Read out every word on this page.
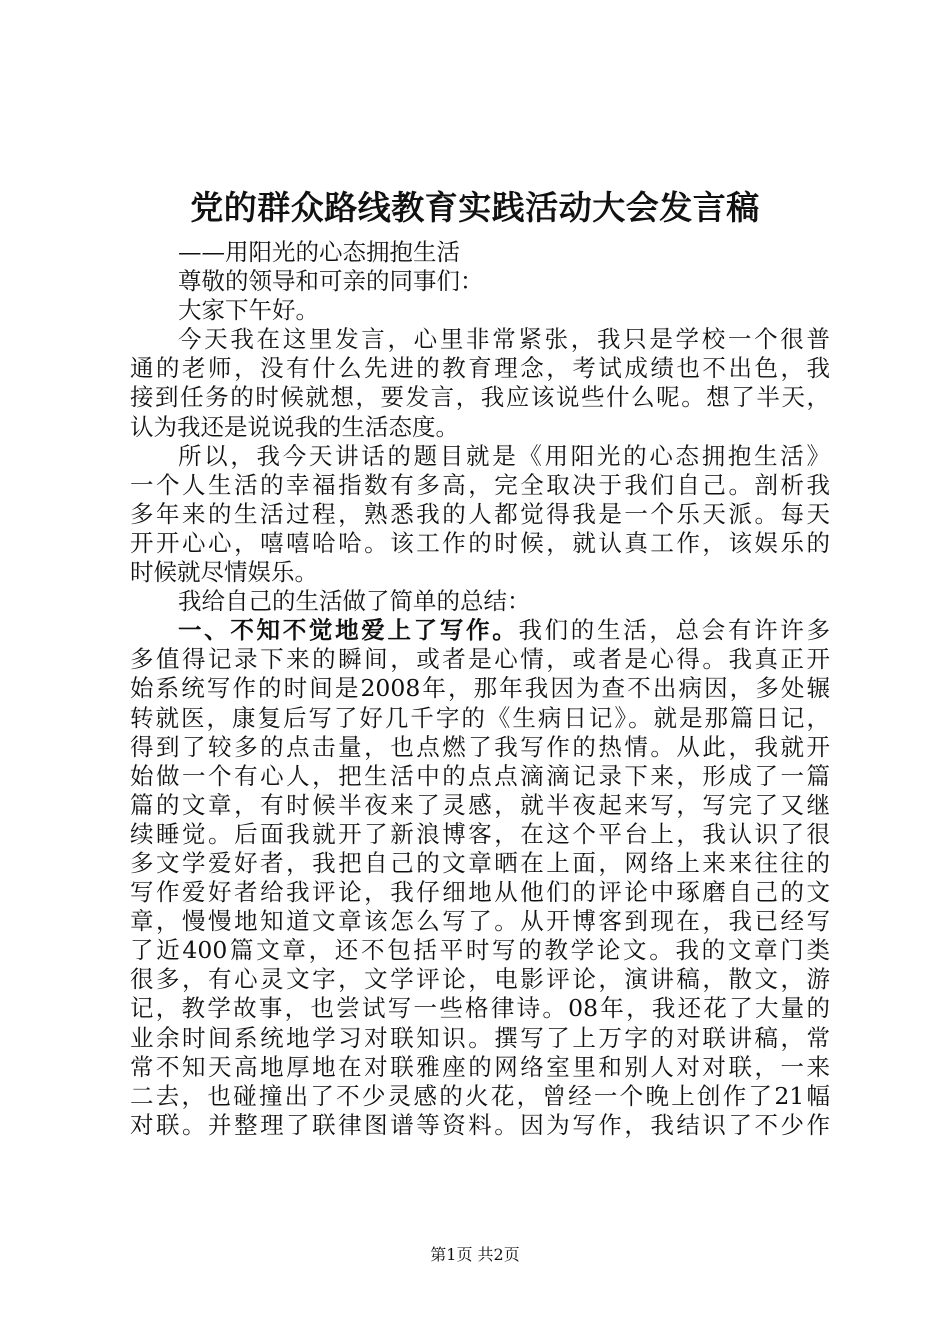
党的群众路线教育实践活动大会发言稿
——用阳光的心态拥抱生活
尊敬的领导和可亲的同事们：
大家下午好。
今天我在这里发言，心里非常紧张，我只是学校一个很普
通的老师，没有什么先进的教育理念，考试成绩也不出色，我
接到任务的时候就想，要发言，我应该说些什么呢。想了半天，
认为我还是说说我的生活态度。
所以，我今天讲话的题目就是《用阳光的心态拥抱生活》
一个人生活的幸福指数有多高，完全取决于我们自己。剖析我
多年来的生活过程，熟悉我的人都觉得我是一个乐天派。每天
开开心心，嘻嘻哈哈。该工作的时候，就认真工作，该娱乐的
时候就尽情娱乐。
我给自己的生活做了简单的总结：
一、不知不觉地爱上了写作。我们的生活，总会有许许多
多值得记录下来的瞬间，或者是心情，或者是心得。我真正开
始系统写作的时间是2008年，那年我因为查不出病因，多处辗
转就医，康复后写了好几千字的《生病日记》。就是那篇日记，
得到了较多的点击量，也点燃了我写作的热情。从此，我就开
始做一个有心人，把生活中的点点滴滴记录下来，形成了一篇
篇的文章，有时候半夜来了灵感，就半夜起来写，写完了又继
续睡觉。后面我就开了新浪博客，在这个平台上，我认识了很
多文学爱好者，我把自己的文章晒在上面，网络上来来往往的
写作爱好者给我评论，我仔细地从他们的评论中琢磨自己的文
章，慢慢地知道文章该怎么写了。从开博客到现在，我已经写
了近400篇文章，还不包括平时写的教学论文。我的文章门类
很多，有心灵文字，文学评论，电影评论，演讲稿，散文，游
记，教学故事，也尝试写一些格律诗。08年，我还花了大量的
业余时间系统地学习对联知识。撰写了上万字的对联讲稿，常
常不知天高地厚地在对联雅座的网络室里和别人对对联，一来
二去，也碰撞出了不少灵感的火花，曾经一个晚上创作了21幅
对联。并整理了联律图谱等资料。因为写作，我结识了不少作
第1页 共2页
